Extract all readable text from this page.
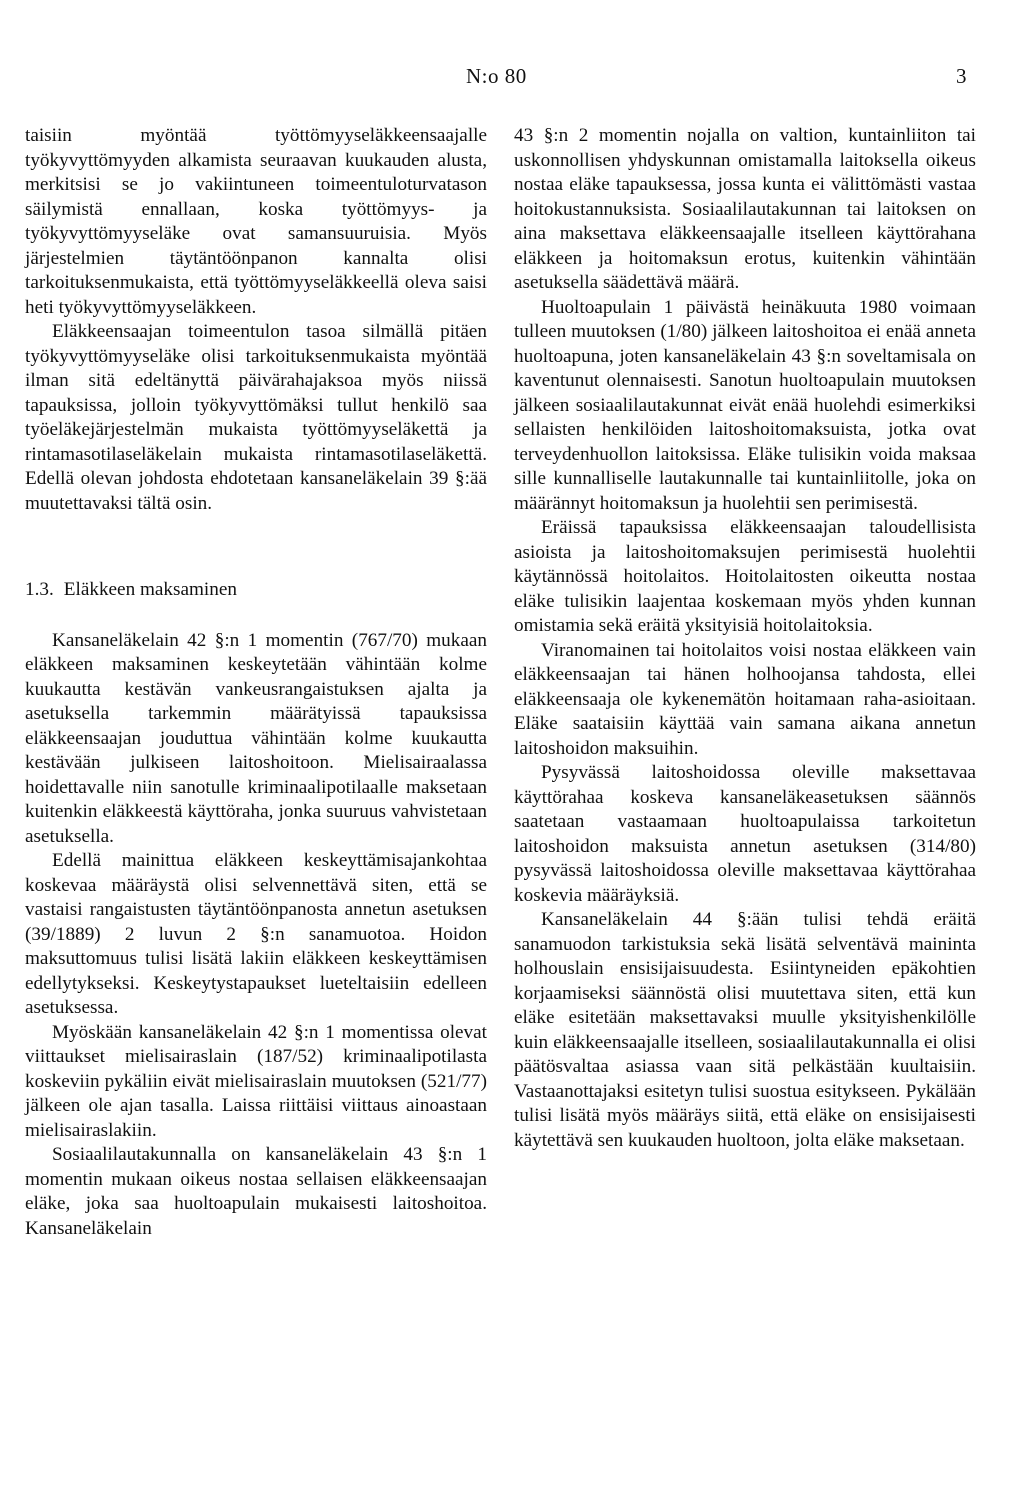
N:o 80	3

taisiin myöntää työttömyyseläkkeensaajalle työkyvyttömyyden alkamista seuraavan kuukauden alusta, merkitsisi se jo vakiintuneen toimeentuloturvatason säilymistä ennallaan, koska työttömyys- ja työkyvyttömyyseläke ovat samansuuruisia. Myös järjestelmien täytäntöönpanon kannalta olisi tarkoituksenmukaista, että työttömyyseläkkeellä oleva saisi heti työkyvyttömyyseläkkeen.

Eläkkeensaajan toimeentulon tasoa silmällä pitäen työkyvyttömyyseläke olisi tarkoituksenmukaista myöntää ilman sitä edeltänyttä päivärahajaksoa myös niissä tapauksissa, jolloin työkyvyttömäksi tullut henkilö saa työeläkejärjestelmän mukaista työttömyyseläkettä ja rintamasotilaseläkelain mukaista rintamasotilaseläkettä. Edellä olevan johdosta ehdotetaan kansaneläkelain 39 §:ää muutettavaksi tältä osin.

1.3. Eläkkeen maksaminen

Kansaneläkelain 42 §:n 1 momentin (767/70) mukaan eläkkeen maksaminen keskeytetään vähintään kolme kuukautta kestävän vankeusrangaistuksen ajalta ja asetuksella tarkemmin määrätyissä tapauksissa eläkkeensaajan jouduttua vähintään kolme kuukautta kestävään julkiseen laitoshoitoon. Mielisairaalassa hoidettavalle niin sanotulle kriminaalipotilaalle maksetaan kuitenkin eläkkeestä käyttöraha, jonka suuruus vahvistetaan asetuksella.

Edellä mainittua eläkkeen keskeyttämisajankohtaa koskevaa määräystä olisi selvennettävä siten, että se vastaisi rangaistusten täytäntöönpanosta annetun asetuksen (39/1889) 2 luvun 2 §:n sanamuotoa. Hoidon maksuttomuus tulisi lisätä lakiin eläkkeen keskeyttämisen edellytykseksi. Keskeytystapaukset lueteltaisiin edelleen asetuksessa.

Myöskään kansaneläkelain 42 §:n 1 momentissa olevat viittaukset mielisairaslain (187/52) kriminaalipotilasta koskeviin pykäliin eivät mielisairaslain muutoksen (521/77) jälkeen ole ajan tasalla. Laissa riittäisi viittaus ainoastaan mielisairaslakiin.

Sosiaalilautakunnalla on kansaneläkelain 43 §:n 1 momentin mukaan oikeus nostaa sellaisen eläkkeensaajan eläke, joka saa huoltoapulain mukaisesti laitoshoitoa. Kansaneläkelain

43 §:n 2 momentin nojalla on valtion, kuntainliiton tai uskonnollisen yhdyskunnan omistamalla laitoksella oikeus nostaa eläke tapauksessa, jossa kunta ei välittömästi vastaa hoitokustannuksista. Sosiaalilautakunnan tai laitoksen on aina maksettava eläkkeensaajalle itselleen käyttörahana eläkkeen ja hoitomaksun erotus, kuitenkin vähintään asetuksella säädettävä määrä.

Huoltoapulain 1 päivästä heinäkuuta 1980 voimaan tulleen muutoksen (1/80) jälkeen laitoshoitoa ei enää anneta huoltoapuna, joten kansaneläkelain 43 §:n soveltamisala on kaventunut olennaisesti. Sanotun huoltoapulain muutoksen jälkeen sosiaalilautakunnat eivät enää huolehdi esimerkiksi sellaisten henkilöiden laitoshoitomaksuista, jotka ovat terveydenhuollon laitoksissa. Eläke tulisikin voida maksaa sille kunnalliselle lautakunnalle tai kuntainliitolle, joka on määrännyt hoitomaksun ja huolehtii sen perimisestä.

Eräissä tapauksissa eläkkeensaajan taloudellisista asioista ja laitoshoitomaksujen perimisestä huolehtii käytännössä hoitolaitos. Hoitolaitosten oikeutta nostaa eläke tulisikin laajentaa koskemaan myös yhden kunnan omistamia sekä eräitä yksityisiä hoitolaitoksia.

Viranomainen tai hoitolaitos voisi nostaa eläkkeen vain eläkkeensaajan tai hänen holhoojansa tahdosta, ellei eläkkeensaaja ole kykenemätön hoitamaan raha-asioitaan. Eläke saataisiin käyttää vain samana aikana annetun laitoshoidon maksuihin.

Pysyvässä laitoshoidossa oleville maksettavaa käyttörahaa koskeva kansaneläkeasetuksen säännös saatetaan vastaamaan huoltoapulaissa tarkoitetun laitoshoidon maksuista annetun asetuksen (314/80) pysyvässä laitoshoidossa oleville maksettavaa käyttörahaa koskevia määräyksiä.

Kansaneläkelain 44 §:ään tulisi tehdä eräitä sanamuodon tarkistuksia sekä lisätä selventävä maininta holhouslain ensisijaisuudesta. Esiintyneiden epäkohtien korjaamiseksi säännöstä olisi muutettava siten, että kun eläke esitetään maksettavaksi muulle yksityishenkilölle kuin eläkkeensaajalle itselleen, sosiaalilautakunnalla ei olisi päätösvaltaa asiassa vaan sitä pelkästään kuultaisiin. Vastaanottajaksi esitetyn tulisi suostua esitykseen. Pykälään tulisi lisätä myös määräys siitä, että eläke on ensisijaisesti käytettävä sen kuukauden huoltoon, jolta eläke maksetaan.
